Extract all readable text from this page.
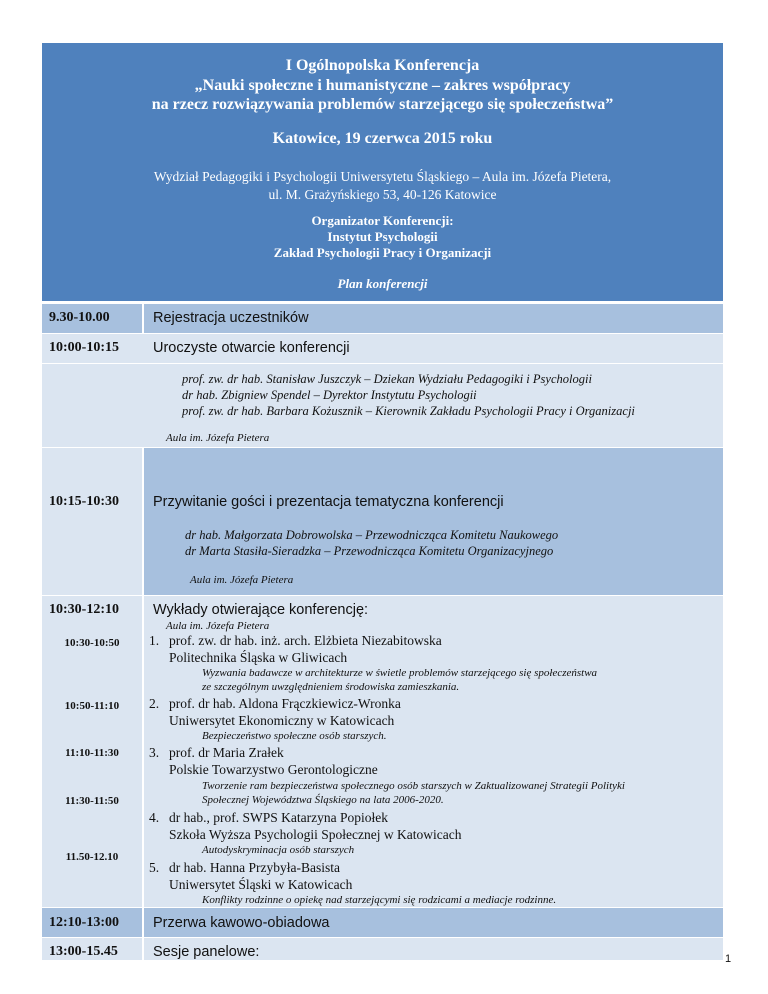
I Ogólnopolska Konferencja
„Nauki społeczne i humanistyczne – zakres współpracy
na rzecz rozwiązywania problemów starzejącego się społeczeństwa”
Katowice, 19 czerwca 2015 roku
Wydział Pedagogiki i Psychologii Uniwersytetu Śląskiego – Aula im. Józefa Pietera,
ul. M. Grażyńskiego 53, 40-126 Katowice
Organizator Konferencji:
Instytut Psychologii
Zakład Psychologii Pracy i Organizacji
Plan konferencji
9.30-10.00	Rejestracja uczestników
10:00-10:15 Uroczyste otwarcie konferencji
prof. zw. dr hab. Stanisław Juszczyk – Dziekan Wydziału Pedagogiki i Psychologii
dr hab. Zbigniew Spendel – Dyrektor Instytutu Psychologii
prof. zw. dr hab. Barbara Kożusznik – Kierownik Zakładu Psychologii Pracy i Organizacji
Aula im. Józefa Pietera
10:15-10:30 Przywitanie gości i prezentacja tematyczna konferencji
dr hab. Małgorzata Dobrowolska – Przewodnicząca Komitetu Naukowego
dr Marta Stasiła-Sieradzka – Przewodnicząca Komitetu Organizacyjnego
Aula im. Józefa Pietera
10:30-12:10 Wykłady otwierające konferencję:
Aula im. Józefa Pietera
10:30-10:50
10:50-11:10
11:10-11:30
11:30-11:50
11.50-12.10
1. prof. zw. dr hab. inż. arch. Elżbieta Niezabitowska
Politechnika Śląska w Gliwicach
Wyzwania badawcze w architekturze w świetle problemów starzejącego się społeczeństwa
ze szczególnym uwzględnieniem środowiska zamieszkania.
2. prof. dr hab. Aldona Frączkiewicz-Wronka
Uniwersytet Ekonomiczny w Katowicach
Bezpieczeństwo społeczne osób starszych.
3. prof. dr Maria Zrałek
Polskie Towarzystwo Gerontologiczne
Tworzenie ram bezpieczeństwa społecznego osób starszych w Zaktualizowanej Strategii Polityki
Społecznej Województwa Śląskiego na lata 2006-2020.
4. dr hab., prof. SWPS Katarzyna Popiołek
Szkoła Wyższa Psychologii Społecznej w Katowicach
Autodyskryminacja osób starszych
5. dr hab. Hanna Przybyła-Basista
Uniwersytet Śląski w Katowicach
Konflikty rodzinne o opiekę nad starzejącymi się rodzicami a mediacje rodzinne.
12:10-13:00 Przerwa kawowo-obiadowa
13:00-15.45 Sesje panelowe:	1
